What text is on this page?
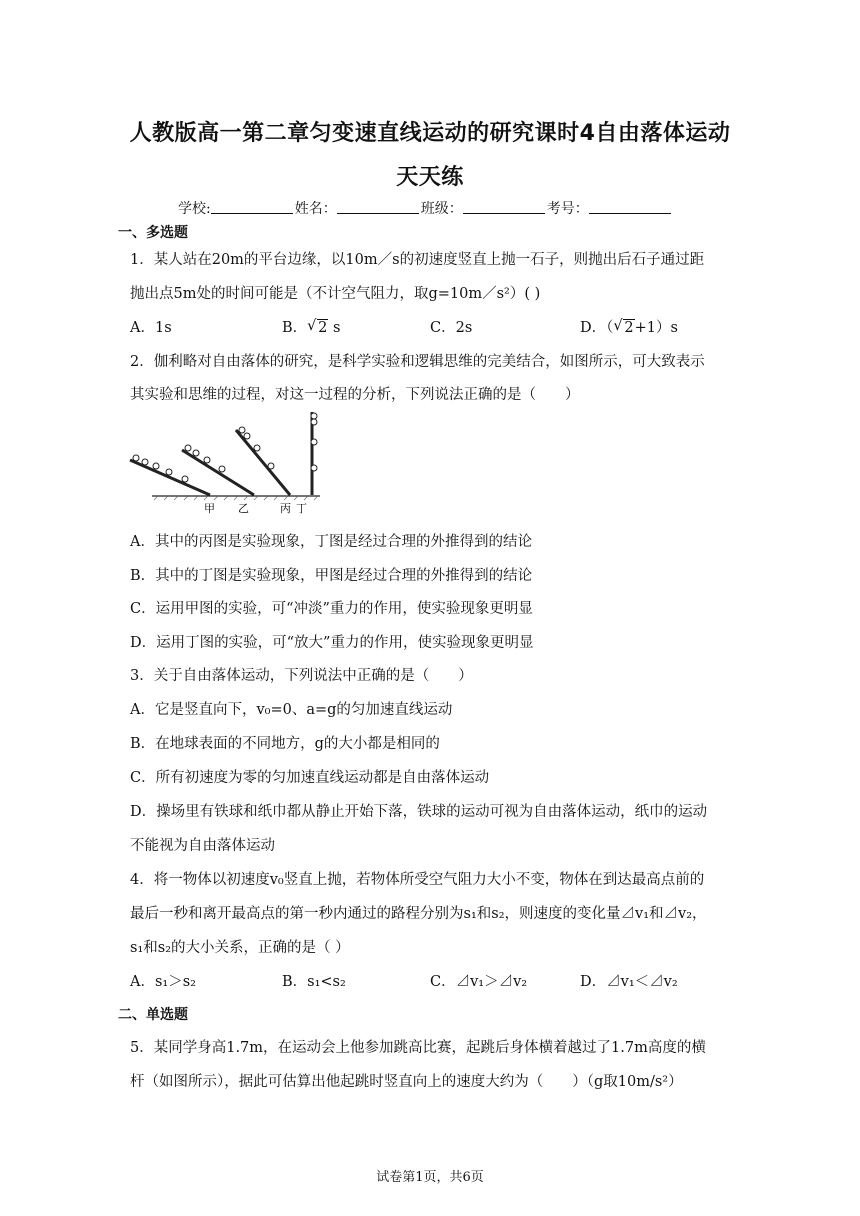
人教版高一第二章匀变速直线运动的研究课时4自由落体运动
天天练
学校:	姓名：	班级：	考号：
一、多选题
1．某人站在20m的平台边缘，以10m／s的初速度竖直上抛一石子，则抛出后石子通过距
抛出点5m处的时间可能是（不计空气阻力，取g=10m／s²）( )
A．1s	B． √ 2 s	C．2s	D．（ √ 2+1）s
2．伽利略对自由落体的研究，是科学实验和逻辑思维的完美结合，如图所示，可大致表示
其实验和思维的过程，对这一过程的分析，下列说法正确的是（　　）
甲 乙	丙 丁
A．其中的丙图是实验现象，丁图是经过合理的外推得到的结论
B．其中的丁图是实验现象，甲图是经过合理的外推得到的结论
C．运用甲图的实验，可“冲淡”重力的作用，使实验现象更明显
D．运用丁图的实验，可“放大”重力的作用，使实验现象更明显
3．关于自由落体运动，下列说法中正确的是（　　）
A．它是竖直向下，v₀=0、a=g的匀加速直线运动
B．在地球表面的不同地方，g的大小都是相同的
C．所有初速度为零的匀加速直线运动都是自由落体运动
D．操场里有铁球和纸巾都从静止开始下落，铁球的运动可视为自由落体运动，纸巾的运动
不能视为自由落体运动
4．将一物体以初速度v₀竖直上抛，若物体所受空气阻力大小不变，物体在到达最高点前的
最后一秒和离开最高点的第一秒内通过的路程分别为s₁和s₂，则速度的变化量⊿v₁和⊿v₂，
s₁和s₂的大小关系，正确的是（ ）
A．s₁＞s₂	B．s₁<s₂	C．⊿v₁＞⊿v₂	D．⊿v₁＜⊿v₂
二、单选题
5．某同学身高1.7m，在运动会上他参加跳高比赛，起跳后身体横着越过了1.7m高度的横
杆（如图所示），据此可估算出他起跳时竖直向上的速度大约为（　　）（g取10m/s²）
试卷第1页，共6页
